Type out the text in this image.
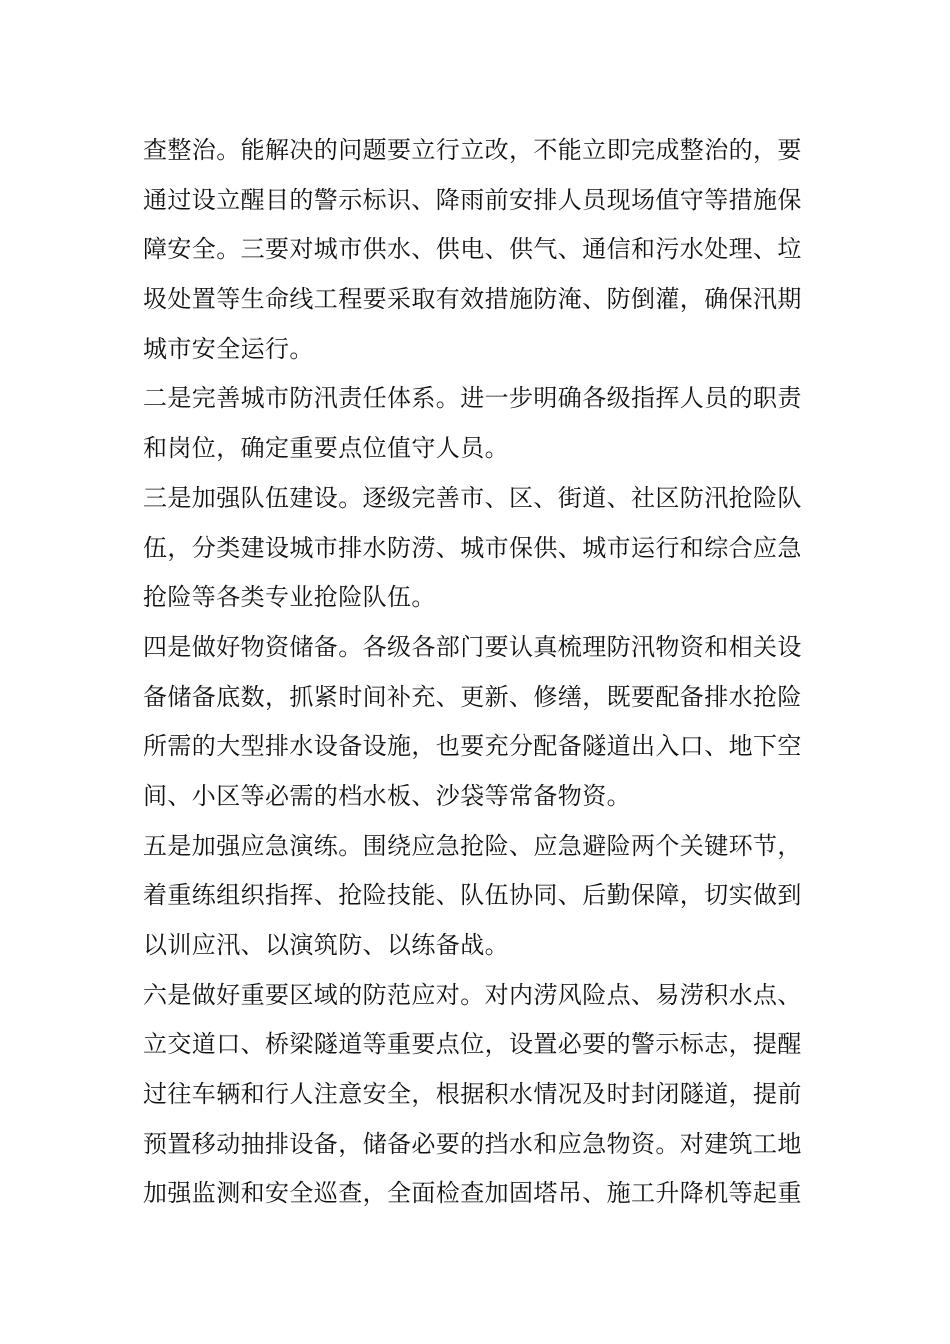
查整治。能解决的问题要立行立改，不能立即完成整治的，要
通过设立醒目的警示标识、降雨前安排人员现场值守等措施保
障安全。三要对城市供水、供电、供气、通信和污水处理、垃
圾处置等生命线工程要采取有效措施防淹、防倒灌，确保汛期
城市安全运行。
二是完善城市防汛责任体系。进一步明确各级指挥人员的职责
和岗位，确定重要点位值守人员。
三是加强队伍建设。逐级完善市、区、街道、社区防汛抢险队
伍，分类建设城市排水防涝、城市保供、城市运行和综合应急
抢险等各类专业抢险队伍。
四是做好物资储备。各级各部门要认真梳理防汛物资和相关设
备储备底数，抓紧时间补充、更新、修缮，既要配备排水抢险
所需的大型排水设备设施，也要充分配备隧道出入口、地下空
间、小区等必需的档水板、沙袋等常备物资。
五是加强应急演练。围绕应急抢险、应急避险两个关键环节，
着重练组织指挥、抢险技能、队伍协同、后勤保障，切实做到
以训应汛、以演筑防、以练备战。
六是做好重要区域的防范应对。对内涝风险点、易涝积水点、
立交道口、桥梁隧道等重要点位，设置必要的警示标志，提醒
过往车辆和行人注意安全，根据积水情况及时封闭隧道，提前
预置移动抽排设备，储备必要的挡水和应急物资。对建筑工地
加强监测和安全巡查，全面检查加固塔吊、施工升降机等起重
